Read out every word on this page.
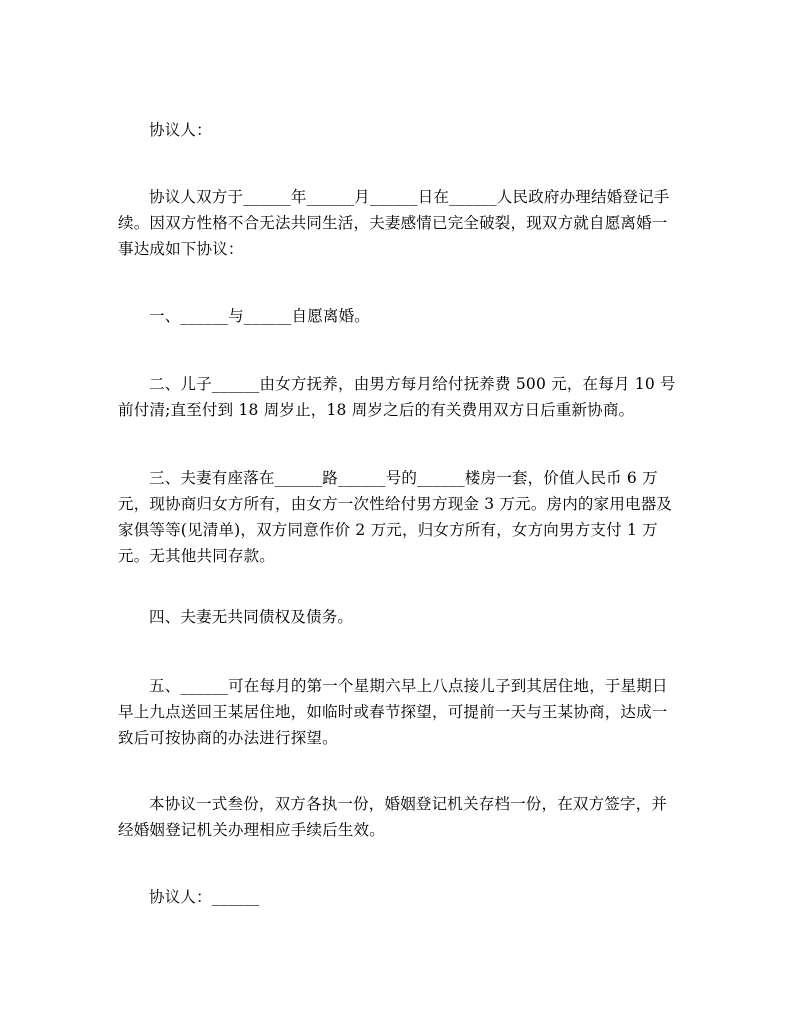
协议人：
协议人双方于______年______月______日在______人民政府办理结婚登记手续。因双方性格不合无法共同生活，夫妻感情已完全破裂，现双方就自愿离婚一事达成如下协议：
一、______与______自愿离婚。
二、儿子______由女方抚养，由男方每月给付抚养费 500 元，在每月 10 号前付清;直至付到 18 周岁止，18 周岁之后的有关费用双方日后重新协商。
三、夫妻有座落在______路______号的______楼房一套，价值人民币 6 万元，现协商归女方所有，由女方一次性给付男方现金 3 万元。房内的家用电器及家俱等等(见清单)，双方同意作价 2 万元，归女方所有，女方向男方支付 1 万元。无其他共同存款。
四、夫妻无共同债权及债务。
五、______可在每月的第一个星期六早上八点接儿子到其居住地，于星期日早上九点送回王某居住地，如临时或春节探望，可提前一天与王某协商，达成一致后可按协商的办法进行探望。
本协议一式叁份，双方各执一份，婚姻登记机关存档一份，在双方签字，并经婚姻登记机关办理相应手续后生效。
协议人：______
